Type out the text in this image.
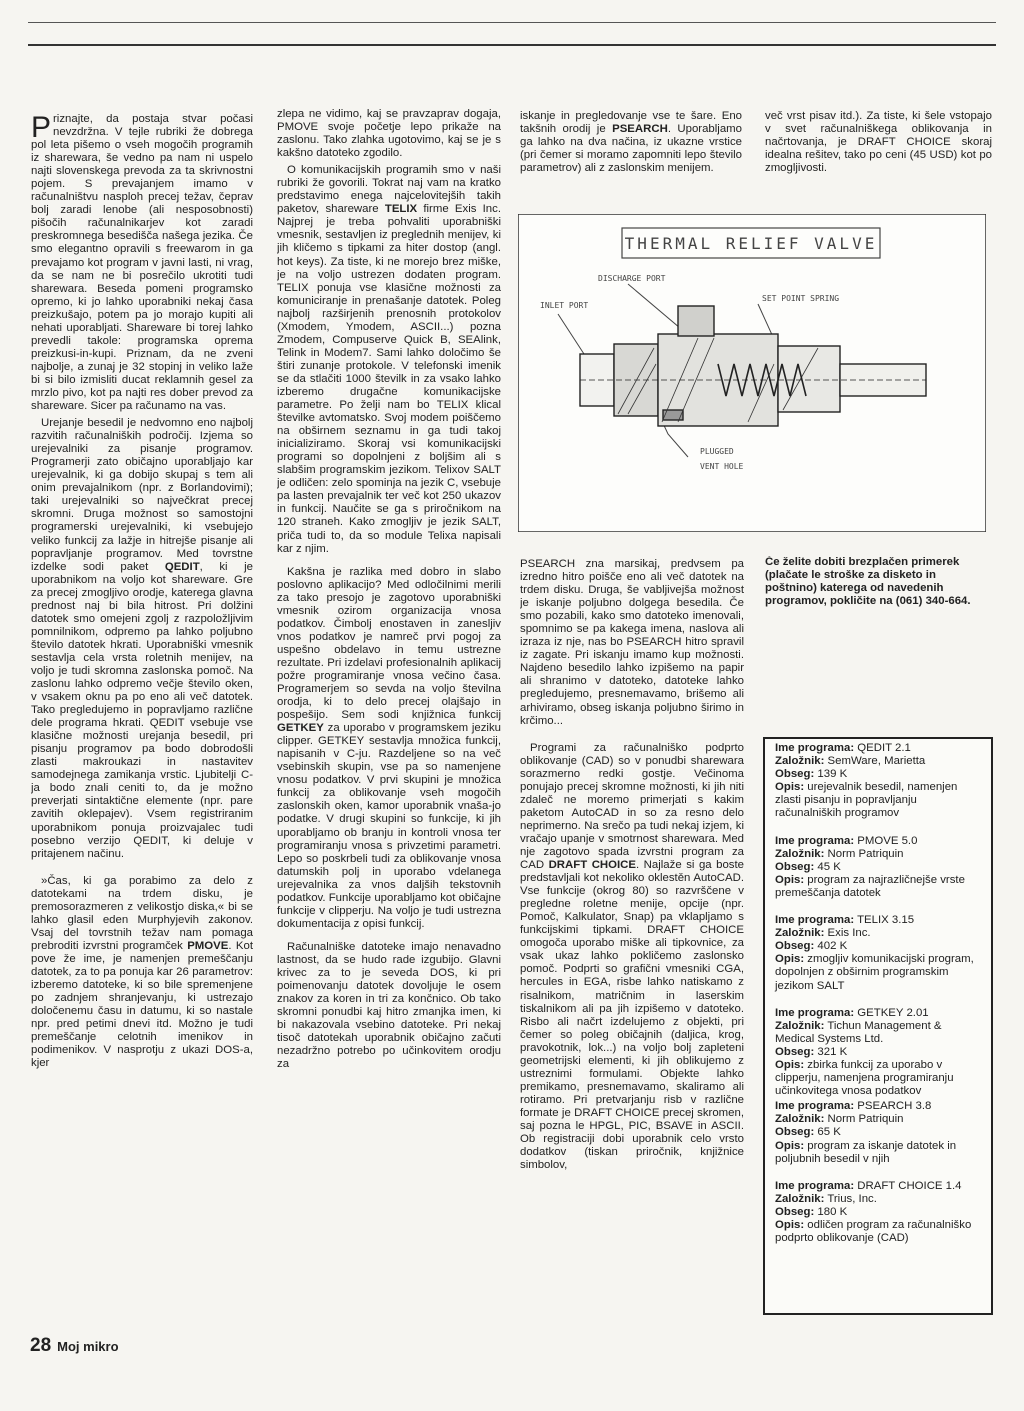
Priznajte, da postaja stvar počasi nevzdržna. V tejle rubriki že dobrega pol leta pišemo o vseh mogočih programih iz sharewara, še vedno pa nam ni uspelo najti slovenskega prevoda za ta skrivnostni pojem. S prevajanjem imamo v računalništvu nasploh precej težav, čeprav bolj zaradi lenobe (ali nesposobnosti) pišočih računalnikarjev kot zaradi preskromnega besedišča našega jezika. Če smo elegantno opravili s freewarom in ga prevajamo kot program v javni lasti, ni vrag, da se nam ne bi posrečilo ukrotiti tudi sharewara. Beseda pomeni programsko opremo, ki jo lahko uporabniki nekaj časa preizkušajo, potem pa jo morajo kupiti ali nehati uporabljati. Shareware bi torej lahko prevedli takole: programska oprema preizkusi-in-kupi. Priznam, da ne zveni najbolje, a zunaj je 32 stopinj in veliko laže bi si bilo izmisliti ducat reklamnih gesel za mrzlo pivo, kot pa najti res dober prevod za shareware. Sicer pa računamo na vas.

Urejanje besedil je nedvomno eno najbolj razvitih računalniških področij. Izjema so urejevalniki za pisanje programov. Programerji zato običajno uporabljajo kar urejevalnik, ki ga dobijo skupaj s tem ali onim prevajalnikom (npr. z Borlandovimi); taki urejevalniki so največkrat precej skromni. Druga možnost so samostojni programerski urejevalniki, ki vsebujejo veliko funkcij za lažje in hitrejše pisanje ali popravljanje programov. Med tovrstne izdelke sodi paket QEDIT, ki je uporabnikom na voljo kot shareware. Gre za precej zmogljivo orodje, katerega glavna prednost naj bi bila hitrost. Pri dolžini datotek smo omejeni zgolj z razpoložljivim pomnilnikom, odpremo pa lahko poljubno število datotek hkrati. Uporabniški vmesnik sestavlja cela vrsta roletnih menijev, na voljo je tudi skromna zaslonska pomoč. Na zaslonu lahko odpremo večje število oken, v vsakem oknu pa po eno ali več datotek. Tako pregledujemo in popravljamo različne dele programa hkrati. QEDIT vsebuje vse klasične možnosti urejanja besedil, pri pisanju programov pa bodo dobrodošli zlasti makroukazi in nastavitev samodejnega zamikanja vrstic. Ljubitelji C-ja bodo znali ceniti to, da je možno preverjati sintaktične elemente (npr. pare zavitih oklepajev). Vsem registriranim uporabnikom ponuja proizvajalec tudi posebno verzijo QEDIT, ki deluje v pritajenem načinu.

»Čas, ki ga porabimo za delo z datotekami na trdem disku, je premosorazmeren z velikostjo diska,« bi se lahko glasil eden Murphyjevih zakonov. Vsaj del tovrstnih težav nam pomaga prebroditi izvrstni programček PMOVE. Kot pove že ime, je namenjen premeščanju datotek, za to pa ponuja kar 26 parametrov: izberemo datoteke, ki so bile spremenjene po zadnjem shranjevanju, ki ustrezajo določenemu času in datumu, ki so nastale npr. pred petimi dnevi itd. Možno je tudi premeščanje celotnih imenikov in podimenikov. V nasprotju z ukazi DOS-a, kjer

zlepa ne vidimo, kaj se pravzaprav dogaja, PMOVE svoje početje lepo prikaže na zaslonu. Tako zlahka ugotovimo, kaj se je s kakšno datoteko zgodilo.

O komunikacijskih programih smo v naši rubriki že govorili. Tokrat naj vam na kratko predstavimo enega najcelovitejših takih paketov, shareware TELIX firme Exis Inc. Najprej je treba pohvaliti uporabniški vmesnik, sestavljen iz preglednih menijev, ki jih kličemo s tipkami za hiter dostop (angl. hot keys). Za tiste, ki ne morejo brez miške, je na voljo ustrezen dodaten program. TELIX ponuja vse klasične možnosti za komuniciranje in prenašanje datotek. Poleg najbolj razširjenih prenosnih protokolov (Xmodem, Ymodem, ASCII...) pozna Zmodem, Compuserve Quick B, SEAlink, Telink in Modem7. Sami lahko določimo še štiri zunanje protokole. V telefonski imenik se da stlačiti 1000 številk in za vsako lahko izberemo drugačne komunikacijske parametre. Po želji nam bo TELIX klical številke avtomatsko. Svoj modem poiščemo na obširnem seznamu in ga tudi takoj inicializiramo. Skoraj vsi komunikacijski programi so dopolnjeni z boljšim ali s slabšim programskim jezikom. Telixov SALT je odličen: zelo spominja na jezik C, vsebuje pa lasten prevajalnik ter več kot 250 ukazov in funkcij. Naučite se ga s priročnikom na 120 straneh. Kako zmogljiv je jezik SALT, priča tudi to, da so module Telixa napisali kar z njim.

Kakšna je razlika med dobro in slabo poslovno aplikacijo? Med odločilnimi merili za tako presojo je zagotovo uporabniški vmesnik ozirom organizacija vnosa podatkov. Čimbolj enostaven in zanesljiv vnos podatkov je namreč prvi pogoj za uspešno obdelavo in temu ustrezne rezultate. Pri izdelavi profesionalnih aplikacij požre programiranje vnosa večino časa. Programerjem so sevda na voljo številna orodja, ki to delo precej olajšajo in pospešijo. Sem sodi knjižnica funkcij GETKEY za uporabo v programskem jeziku clipper. GETKEY sestavlja množica funkcij, napisanih v C-ju. Razdeljene so na več vsebinskih skupin, vse pa so namenjene vnosu podatkov. V prvi skupini je množica funkcij za oblikovanje vseh mogočih zaslonskih oken, kamor uporabnik vnaša-jo podatke. V drugi skupini so funkcije, ki jih uporabljamo ob branju in kontroli vnosa ter programiranju vnosa s privzetimi parametri. Lepo so poskrbeli tudi za oblikovanje vnosa datumskih polj in uporabo vdelanega urejevalnika za vnos daljših tekstovnih podatkov. Funkcije uporabljamo kot običajne funkcije v clipperju. Na voljo je tudi ustrezna dokumentacija z opisi funkcij.

Računalniške datoteke imajo nenavadno lastnost, da se hudo rade izgubijo. Glavni krivec za to je seveda DOS, ki pri poimenovanju datotek dovoljuje le osem znakov za koren in tri za končnico. Ob tako skromni ponudbi kaj hitro zmanjka imen, ki bi nakazovala vsebino datoteke. Pri nekaj tisoč datotekah uporabnik običajno začuti nezadržno potrebo po učinkovitem orodju za

iskanje in pregledovanje vse te šare. Eno takšnih orodij je PSEARCH. Uporabljamo ga lahko na dva načina, iz ukazne vrstice (pri čemer si moramo zapomniti lepo število parametrov) ali z zaslonskim menijem.

več vrst pisav itd.). Za tiste, ki šele vstopajo v svet računalniškega oblikovanja in načrtovanja, je DRAFT CHOICE skoraj idealna rešitev, tako po ceni (45 USD) kot po zmogljivosti.

THERMAL RELIEF VALVE
DISCHARGE PORT
INLET PORT
SET POINT SPRING
PLUGGED
VENT HOLE

PSEARCH zna marsikaj, predvsem pa izredno hitro poišče eno ali več datotek na trdem disku. Druga, še vabljivejša možnost je iskanje poljubno dolgega besedila. Če smo pozabili, kako smo datoteko imenovali, spomnimo se pa kakega imena, naslova ali izraza iz nje, nas bo PSEARCH hitro spravil iz zagate. Pri iskanju imamo kup možnosti. Najdeno besedilo lahko izpišemo na papir ali shranimo v datoteko, datoteke lahko pregledujemo, presnemavamo, brišemo ali arhiviramo, obseg iskanja poljubno širimo in krčimo...

Programi za računalniško podprto oblikovanje (CAD) so v ponudbi sharewara sorazmerno redki gostje. Večinoma ponujajo precej skromne možnosti, ki jih niti zdaleč ne moremo primerjati s kakim paketom AutoCAD in so za resno delo neprimerno. Na srečo pa tudi nekaj izjem, ki vračajo upanje v smotrnost sharewara. Med nje zagotovo spada izvrstni program za CAD DRAFT CHOICE. Najlaže si ga boste predstavljali kot nekoliko oklestěn AutoCAD. Vse funkcije (okrog 80) so razvrščene v pregledne roletne menije, opcije (npr. Pomoč, Kalkulator, Snap) pa vklapljamo s funkcijskimi tipkami. DRAFT CHOICE omogoča uporabo miške ali tipkovnice, za vsak ukaz lahko pokličemo zaslonsko pomoč. Podprti so grafični vmesniki CGA, hercules in EGA, risbe lahko natiskamo z risalnikom, matričnim in laserskim tiskalnikom ali pa jih izpišemo v datoteko. Risbo ali načrt izdelujemo z objekti, pri čemer so poleg običajnih (daljica, krog, pravokotnik, lok...) na voljo bolj zapleteni geometrijski elementi, ki jih oblikujemo z ustreznimi formulami. Objekte lahko premikamo, presnemavamo, skaliramo ali rotiramo. Pri pretvarjanju risb v različne formate je DRAFT CHOICE precej skromen, saj pozna le HPGL, PIC, BSAVE in ASCII. Ob registraciji dobi uporabnik celo vrsto dodatkov (tiskan priročnik, knjižnice simbolov,

Če želite dobiti brezplačen primerek (plačate le stroške za disketo in poštnino) katerega od navedenih programov, pokličite na (061) 340-664.

Ime programa: QEDIT 2.1
Založnik: SemWare, Marietta
Obseg: 139 K
Opis: urejevalnik besedil, namenjen zlasti pisanju in popravljanju računalniških programov
Ime programa: PMOVE 5.0
Založnik: Norm Patriquin
Obseg: 45 K
Opis: program za najrazličnejše vrste premeščanja datotek
Ime programa: TELIX 3.15
Založnik: Exis Inc.
Obseg: 402 K
Opis: zmogljiv komunikacijski program, dopolnjen z obširnim programskim jezikom SALT
Ime programa: GETKEY 2.01
Založnik: Tichun Management & Medical Systems Ltd.
Obseg: 321 K
Opis: zbirka funkcij za uporabo v clipperju, namenjena programiranju učinkovitega vnosa podatkov
Ime programa: PSEARCH 3.8
Založnik: Norm Patriquin
Obseg: 65 K
Opis: program za iskanje datotek in poljubnih besedil v njih
Ime programa: DRAFT CHOICE 1.4
Založnik: Trius, Inc.
Obseg: 180 K
Opis: odličen program za računalniško podprto oblikovanje (CAD)
28 Moj mikro
